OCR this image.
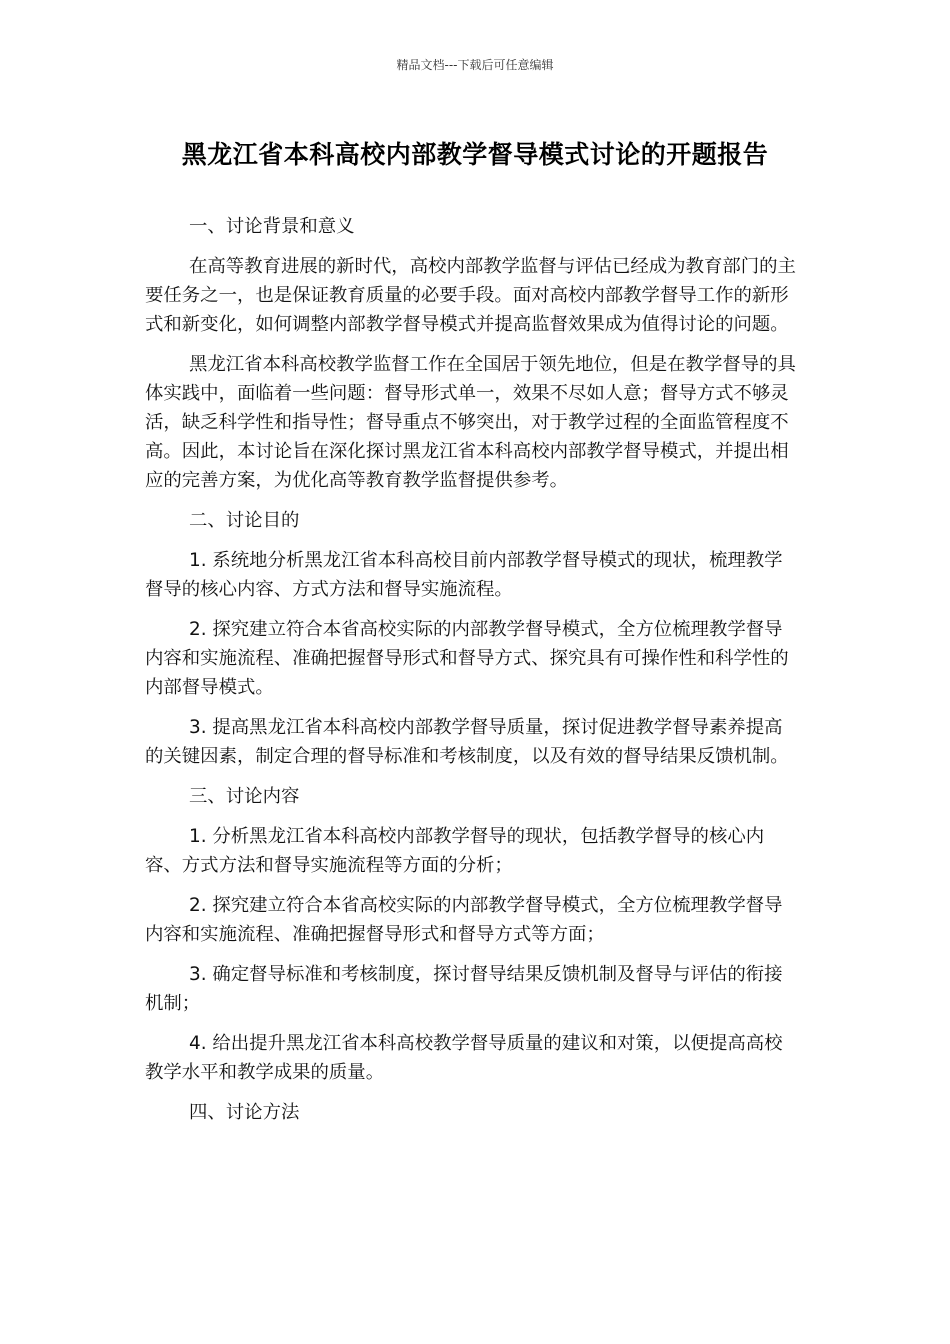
精品文档---下载后可任意编辑
黑龙江省本科高校内部教学督导模式讨论的开题报告

一、讨论背景和意义

在高等教育进展的新时代，高校内部教学监督与评估已经成为教育部门的主要任务之一，也是保证教育质量的必要手段。面对高校内部教学督导工作的新形式和新变化，如何调整内部教学督导模式并提高监督效果成为值得讨论的问题。

黑龙江省本科高校教学监督工作在全国居于领先地位，但是在教学督导的具体实践中，面临着一些问题：督导形式单一，效果不尽如人意；督导方式不够灵活，缺乏科学性和指导性；督导重点不够突出，对于教学过程的全面监管程度不高。因此，本讨论旨在深化探讨黑龙江省本科高校内部教学督导模式，并提出相应的完善方案，为优化高等教育教学监督提供参考。

二、讨论目的

1. 系统地分析黑龙江省本科高校目前内部教学督导模式的现状，梳理教学督导的核心内容、方式方法和督导实施流程。

2. 探究建立符合本省高校实际的内部教学督导模式，全方位梳理教学督导内容和实施流程、准确把握督导形式和督导方式、探究具有可操作性和科学性的内部督导模式。

3. 提高黑龙江省本科高校内部教学督导质量，探讨促进教学督导素养提高的关键因素，制定合理的督导标准和考核制度，以及有效的督导结果反馈机制。

三、讨论内容

1. 分析黑龙江省本科高校内部教学督导的现状，包括教学督导的核心内容、方式方法和督导实施流程等方面的分析；

2. 探究建立符合本省高校实际的内部教学督导模式，全方位梳理教学督导内容和实施流程、准确把握督导形式和督导方式等方面；

3. 确定督导标准和考核制度，探讨督导结果反馈机制及督导与评估的衔接机制；

4. 给出提升黑龙江省本科高校教学督导质量的建议和对策，以便提高高校教学水平和教学成果的质量。

四、讨论方法
